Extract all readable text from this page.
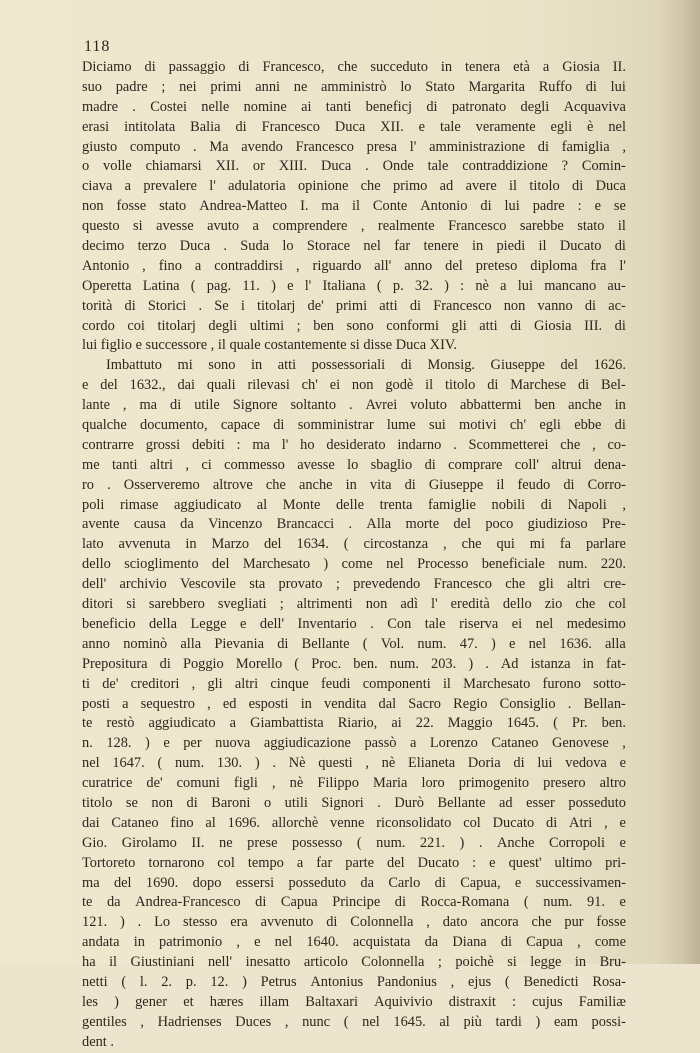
118
Diciamo di passaggio di Francesco, che succeduto in tenera età a Giosia II.
suo padre ; nei primi anni ne amministrò lo Stato Margarita Ruffo di lui
madre . Costei nelle nomine ai tanti beneficj di patronato degli Acquaviva
erasi intitolata Balia di Francesco Duca XII. e tale veramente egli è nel
giusto computo . Ma avendo Francesco presa l' amministrazione di famiglia ,
o volle chiamarsi XII. or XIII. Duca . Onde tale contraddizione ? Comin-
ciava a prevalere l' adulatoria opinione che primo ad avere il titolo di Duca
non fosse stato Andrea-Matteo I. ma il Conte Antonio di lui padre : e se
questo si avesse avuto a comprendere , realmente Francesco sarebbe stato il
decimo terzo Duca . Suda lo Storace nel far tenere in piedi il Ducato di
Antonio , fino a contraddirsi , riguardo all' anno del preteso diploma fra l'
Operetta Latina ( pag. 11. ) e l' Italiana ( p. 32. ) : nè a lui mancano au-
torità di Storici . Se i titolarj de' primi atti di Francesco non vanno di ac-
cordo coi titolarj degli ultimi ; ben sono conformi gli atti di Giosia III. di
lui figlio e successore , il quale costantemente si disse Duca XIV.
Imbattuto mi sono in atti possessoriali di Monsig. Giuseppe del 1626.
e del 1632., dai quali rilevasi ch' ei non godè il titolo di Marchese di Bel-
lante , ma di utile Signore soltanto . Avrei voluto abbattermi ben anche in
qualche documento, capace di somministrar lume sui motivi ch' egli ebbe di
contrarre grossi debiti : ma l' ho desiderato indarno . Scommetterei che , co-
me tanti altri , ci commesso avesse lo sbaglio di comprare coll' altrui dena-
ro . Osserveremo altrove che anche in vita di Giuseppe il feudo di Corro-
poli rimase aggiudicato al Monte delle trenta famiglie nobili di Napoli ,
avente causa da Vincenzo Brancacci . Alla morte del poco giudizioso Pre-
lato avvenuta in Marzo del 1634. ( circostanza , che qui mi fa parlare
dello scioglimento del Marchesato ) come nel Processo beneficiale num. 220.
dell' archivio Vescovile sta provato ; prevedendo Francesco che gli altri cre-
ditori si sarebbero svegliati ; altrimenti non adì l' eredità dello zio che col
beneficio della Legge e dell' Inventario . Con tale riserva ei nel medesimo
anno nominò alla Pievania di Bellante ( Vol. num. 47. ) e nel 1636. alla
Prepositura di Poggio Morello ( Proc. ben. num. 203. ) . Ad istanza in fat-
ti de' creditori , gli altri cinque feudi componenti il Marchesato furono sotto-
posti a sequestro , ed esposti in vendita dal Sacro Regio Consiglio . Bellan-
te restò aggiudicato a Giambattista Riario, ai 22. Maggio 1645. ( Pr. ben.
n. 128. ) e per nuova aggiudicazione passò a Lorenzo Cataneo Genovese ,
nel 1647. ( num. 130. ) . Nè questi , nè Elianeta Doria di lui vedova e
curatrice de' comuni figli , nè Filippo Maria loro primogenito presero altro
titolo se non di Baroni o utili Signori . Durò Bellante ad esser posseduto
dai Cataneo fino al 1696. allorchè venne riconsolidato col Ducato di Atri , e
Gio. Girolamo II. ne prese possesso ( num. 221. ) . Anche Corropoli e
Tortoreto tornarono col tempo a far parte del Ducato : e quest' ultimo pri-
ma del 1690. dopo essersi posseduto da Carlo di Capua, e successivamen-
te da Andrea-Francesco di Capua Principe di Rocca-Romana ( num. 91. e
121. ) . Lo stesso era avvenuto di Colonnella , dato ancora che pur fosse
andata in patrimonio , e nel 1640. acquistata da Diana di Capua , come
ha il Giustiniani nell' inesatto articolo Colonnella ; poichè si legge in Bru-
netti ( l. 2. p. 12. ) Petrus Antonius Pandonius , ejus ( Benedicti Rosa-
les ) gener et hæres illam Baltaxari Aquivivio distraxit : cujus Familiæ
gentiles , Hadrienses Duces , nunc ( nel 1645. al più tardi ) eam possi-
dent .
